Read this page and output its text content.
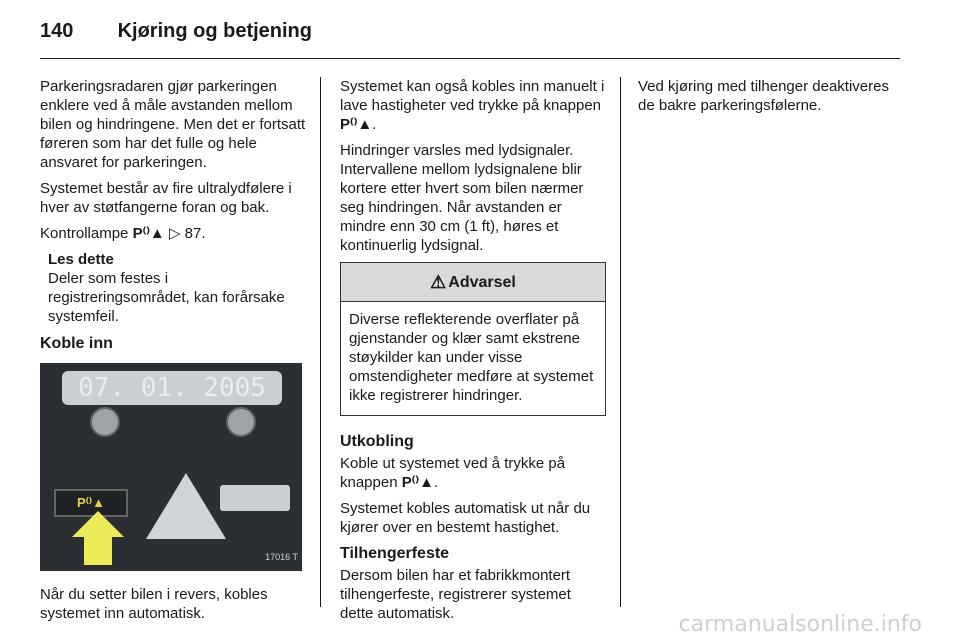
140 Kjøring og betjening

Parkeringsradaren gjør parkeringen enklere ved å måle avstanden mellom bilen og hindringene. Men det er fortsatt føreren som har det fulle og hele ansvaret for parkeringen.

Systemet består av fire ultralydfølere i hver av støtfangerne foran og bak.

Kontrollampe P⁽⁾▲ ▷ 87.

Les dette
Deler som festes i registreringsområdet, kan forårsake systemfeil.
Koble inn
07. 01. 2005
P⁽⁾▲
17016 T

Når du setter bilen i revers, kobles systemet inn automatisk.

Systemet kan også kobles inn manuelt i lave hastigheter ved trykke på knappen P⁽⁾▲.

Hindringer varsles med lydsignaler. Intervallene mellom lydsignalene blir kortere etter hvert som bilen nærmer seg hindringen. Når avstanden er mindre enn 30 cm (1 ft), høres et kontinuerlig lydsignal.

⚠ Advarsel
Diverse reflekterende overflater på gjenstander og klær samt ekstrene støykilder kan under visse omstendigheter medføre at systemet ikke registrerer hindringer.
Utkobling

Koble ut systemet ved å trykke på knappen P⁽⁾▲.

Systemet kobles automatisk ut når du kjører over en bestemt hastighet.

Tilhengerfeste

Dersom bilen har et fabrikkmontert tilhengerfeste, registrerer systemet dette automatisk.

Ved kjøring med tilhenger deaktiveres de bakre parkeringsfølerne.

carmanualsonline.info
